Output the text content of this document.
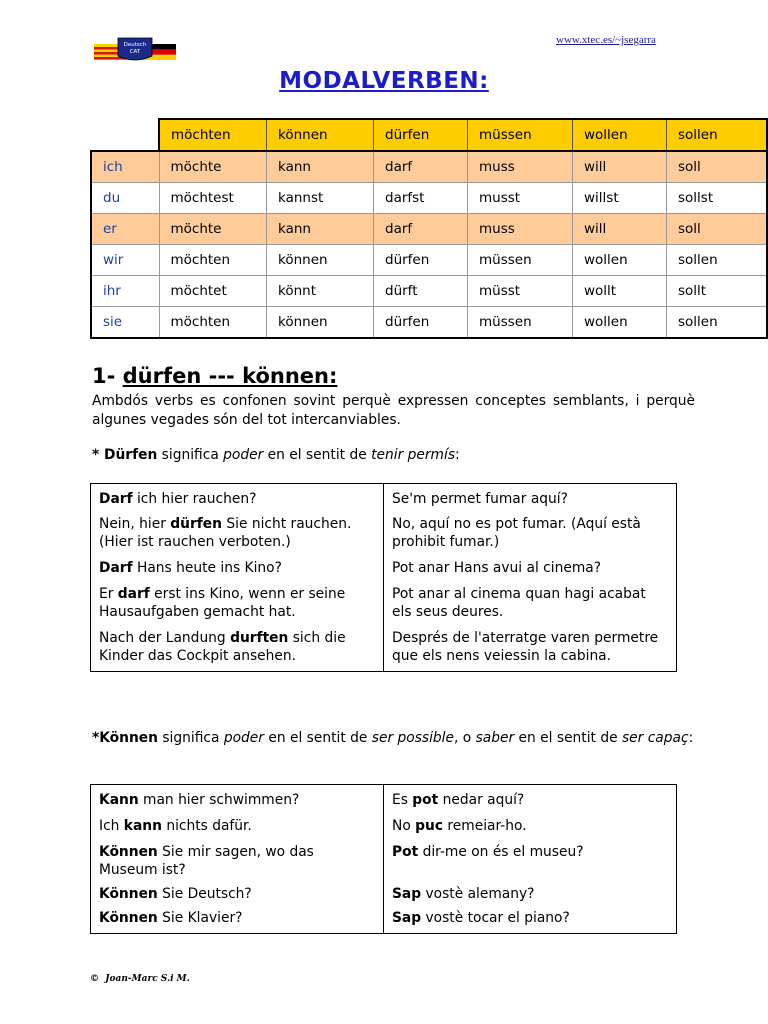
Deutsch
CAT
www.xtec.es/~jsegarra
MODALVERBEN:
	möchten	können	dürfen	müssen	wollen	sollen
ich	möchte	kann	darf	muss	will	soll
du	möchtest	kannst	darfst	musst	willst	sollst
er	möchte	kann	darf	muss	will	soll
wir	möchten	können	dürfen	müssen	wollen	sollen
ihr	möchtet	könnt	dürft	müsst	wollt	sollt
sie	möchten	können	dürfen	müssen	wollen	sollen
1- dürfen --- können:
Ambdós verbs es confonen sovint perquè expressen conceptes semblants, i perquè algunes vegades són del tot intercanviables.
* Dürfen significa poder en el sentit de tenir permís:
Darf ich hier rauchen?	Se'm permet fumar aquí?
Nein, hier dürfen Sie nicht rauchen. (Hier ist rauchen verboten.)	No, aquí no es pot fumar. (Aquí està prohibit fumar.)
Darf Hans heute ins Kino?	Pot anar Hans avui al cinema?
Er darf erst ins Kino, wenn er seine Hausaufgaben gemacht hat.	Pot anar al cinema quan hagi acabat els seus deures.
Nach der Landung durften sich die Kinder das Cockpit ansehen.	Després de l'aterratge varen permetre que els nens veiessin la cabina.
*Können significa poder en el sentit de ser possible, o saber en el sentit de ser capaç:
Kann man hier schwimmen?	Es pot nedar aquí?
Ich kann nichts dafür.	No puc remeiar-ho.
Können Sie mir sagen, wo das Museum ist?	Pot dir-me on és el museu?
Können Sie Deutsch?	Sap vostè alemany?
Können Sie Klavier?	Sap vostè tocar el piano?
© Joan-Marc S.i M.
